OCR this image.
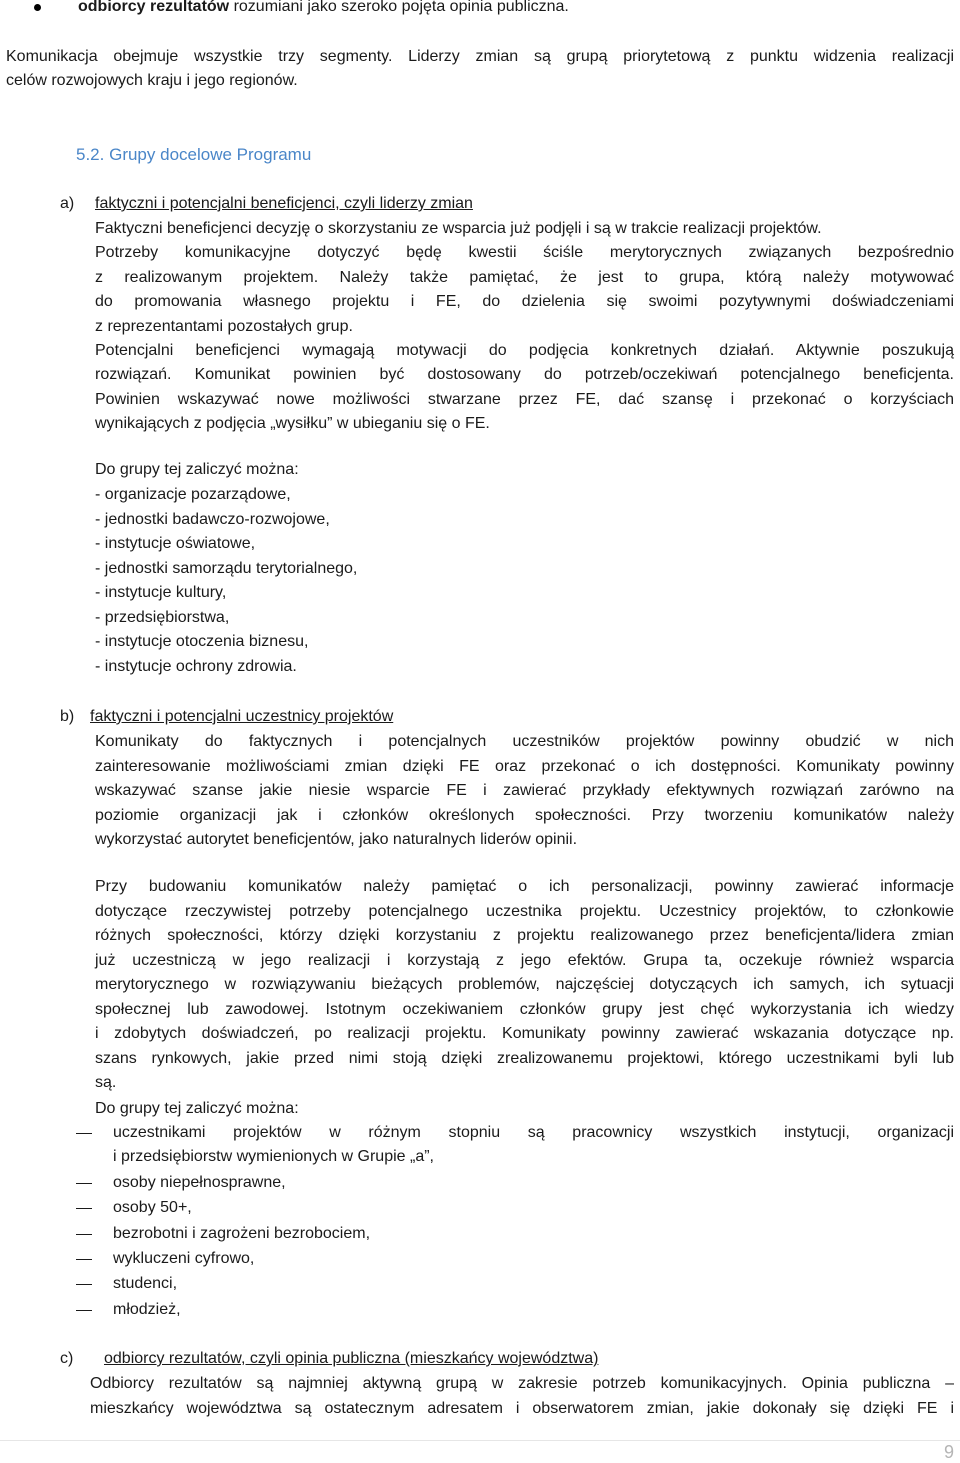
odbiorcy rezultatów rozumiani jako szeroko pojęta opinia publiczna.
Komunikacja obejmuje wszystkie trzy segmenty. Liderzy zmian są grupą priorytetową z punktu widzenia realizacji
celów rozwojowych kraju i jego regionów.
5.2. Grupy docelowe Programu
a) faktyczni i potencjalni beneficjenci, czyli liderzy zmian
Faktyczni beneficjenci decyzję o skorzystaniu ze wsparcia już podjęli i są w trakcie realizacji projektów.
Potrzeby komunikacyjne dotyczyć będę kwestii ściśle merytorycznych związanych bezpośrednio
z realizowanym projektem. Należy także pamiętać, że jest to grupa, którą należy motywować
do promowania własnego projektu i FE, do dzielenia się swoimi pozytywnymi doświadczeniami
z reprezentantami pozostałych grup.
Potencjalni beneficjenci wymagają motywacji do podjęcia konkretnych działań. Aktywnie poszukują
rozwiązań. Komunikat powinien być dostosowany do potrzeb/oczekiwań potencjalnego beneficjenta.
Powinien wskazywać nowe możliwości stwarzane przez FE, dać szansę i przekonać o korzyściach
wynikających z podjęcia „wysiłku” w ubieganiu się o FE.
Do grupy tej zaliczyć można:
- organizacje pozarządowe,
- jednostki badawczo-rozwojowe,
- instytucje oświatowe,
- jednostki samorządu terytorialnego,
- instytucje kultury,
- przedsiębiorstwa,
- instytucje otoczenia biznesu,
- instytucje ochrony zdrowia.
b) faktyczni i potencjalni uczestnicy projektów
Komunikaty do faktycznych i potencjalnych uczestników projektów powinny obudzić w nich
zainteresowanie możliwościami zmian dzięki FE oraz przekonać o ich dostępności. Komunikaty powinny
wskazywać szanse jakie niesie wsparcie FE i zawierać przykłady efektywnych rozwiązań zarówno na
poziomie organizacji jak i członków określonych społeczności. Przy tworzeniu komunikatów należy
wykorzystać autorytet beneficjentów, jako naturalnych liderów opinii.
Przy budowaniu komunikatów należy pamiętać o ich personalizacji, powinny zawierać informacje
dotyczące rzeczywistej potrzeby potencjalnego uczestnika projektu. Uczestnicy projektów, to członkowie
różnych społeczności, którzy dzięki korzystaniu z projektu realizowanego przez beneficjenta/lidera zmian
już uczestniczą w jego realizacji i korzystają z jego efektów. Grupa ta, oczekuje również wsparcia
merytorycznego w rozwiązywaniu bieżących problemów, najczęściej dotyczących ich samych, ich sytuacji
społecznej lub zawodowej. Istotnym oczekiwaniem członków grupy jest chęć wykorzystania ich wiedzy
i zdobytych doświadczeń, po realizacji projektu. Komunikaty powinny zawierać wskazania dotyczące np.
szans rynkowych, jakie przed nimi stoją dzięki zrealizowanemu projektowi, którego uczestnikami byli lub
są.
Do grupy tej zaliczyć można:
uczestnikami projektów w różnym stopniu są pracownicy wszystkich instytucji, organizacji
i przedsiębiorstw wymienionych w Grupie „a”,
osoby niepełnosprawne,
osoby 50+,
bezrobotni i zagrożeni bezrobociem,
wykluczeni cyfrowo,
studenci,
młodzież,
c) odbiorcy rezultatów, czyli opinia publiczna (mieszkańcy województwa)
Odbiorcy rezultatów są najmniej aktywną grupą w zakresie potrzeb komunikacyjnych. Opinia publiczna –
mieszkańcy województwa są ostatecznym adresatem i obserwatorem zmian, jakie dokonały się dzięki FE i
9
